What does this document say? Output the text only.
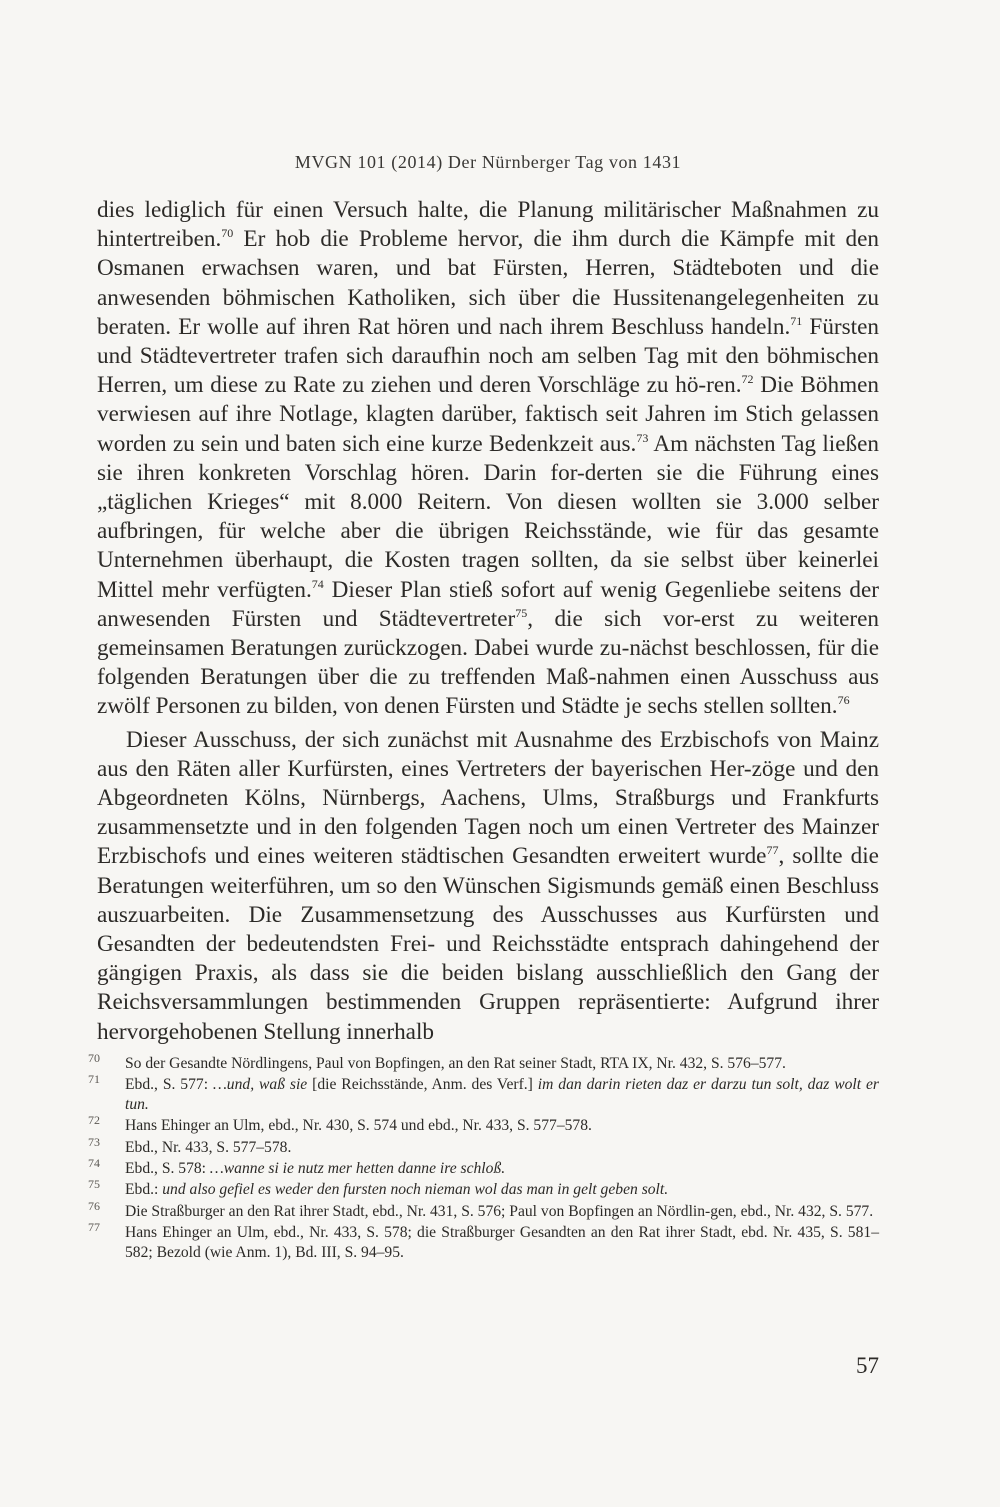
MVGN 101 (2014) Der Nürnberger Tag von 1431

dies lediglich für einen Versuch halte, die Planung militärischer Maßnahmen zu hintertreiben.$^{70}$ Er hob die Probleme hervor, die ihm durch die Kämpfe mit den Osmanen erwachsen waren, und bat Fürsten, Herren, Städteboten und die anwesenden böhmischen Katholiken, sich über die Hussitenangelegenheiten zu beraten. Er wolle auf ihren Rat hören und nach ihrem Beschluss handeln.$^{71}$ Fürsten und Städtevertreter trafen sich daraufhin noch am selben Tag mit den böhmischen Herren, um diese zu Rate zu ziehen und deren Vorschläge zu hö-ren.$^{72}$ Die Böhmen verwiesen auf ihre Notlage, klagten darüber, faktisch seit Jahren im Stich gelassen worden zu sein und baten sich eine kurze Bedenkzeit aus.$^{73}$ Am nächsten Tag ließen sie ihren konkreten Vorschlag hören. Darin for-derten sie die Führung eines „täglichen Krieges“ mit 8.000 Reitern. Von diesen wollten sie 3.000 selber aufbringen, für welche aber die übrigen Reichsstände, wie für das gesamte Unternehmen überhaupt, die Kosten tragen sollten, da sie selbst über keinerlei Mittel mehr verfügten.$^{74}$ Dieser Plan stieß sofort auf wenig Gegenliebe seitens der anwesenden Fürsten und Städtevertreter$^{75}$, die sich vor-erst zu weiteren gemeinsamen Beratungen zurückzogen. Dabei wurde zu-nächst beschlossen, für die folgenden Beratungen über die zu treffenden Maß-nahmen einen Ausschuss aus zwölf Personen zu bilden, von denen Fürsten und Städte je sechs stellen sollten.$^{76}$

Dieser Ausschuss, der sich zunächst mit Ausnahme des Erzbischofs von Mainz aus den Räten aller Kurfürsten, eines Vertreters der bayerischen Her-zöge und den Abgeordneten Kölns, Nürnbergs, Aachens, Ulms, Straßburgs und Frankfurts zusammensetzte und in den folgenden Tagen noch um einen Vertreter des Mainzer Erzbischofs und eines weiteren städtischen Gesandten erweitert wurde$^{77}$, sollte die Beratungen weiterführen, um so den Wünschen Sigismunds gemäß einen Beschluss auszuarbeiten. Die Zusammensetzung des Ausschusses aus Kurfürsten und Gesandten der bedeutendsten Frei- und Reichsstädte entsprach dahingehend der gängigen Praxis, als dass sie die beiden bislang ausschließlich den Gang der Reichsversammlungen bestimmenden Gruppen repräsentierte: Aufgrund ihrer hervorgehobenen Stellung innerhalb

70 So der Gesandte Nördlingens, Paul von Bopfingen, an den Rat seiner Stadt, RTA IX, Nr. 432, S. 576–577.
71 Ebd., S. 577: …und, waß sie [die Reichsstände, Anm. des Verf.] im dan darin rieten daz er darzu tun solt, daz wolt er tun.
72 Hans Ehinger an Ulm, ebd., Nr. 430, S. 574 und ebd., Nr. 433, S. 577–578.
73 Ebd., Nr. 433, S. 577–578.
74 Ebd., S. 578: …wanne si ie nutz mer hetten danne ire schloß.
75 Ebd.: und also gefiel es weder den fursten noch nieman wol das man in gelt geben solt.
76 Die Straßburger an den Rat ihrer Stadt, ebd., Nr. 431, S. 576; Paul von Bopfingen an Nördlin-gen, ebd., Nr. 432, S. 577.
77 Hans Ehinger an Ulm, ebd., Nr. 433, S. 578; die Straßburger Gesandten an den Rat ihrer Stadt, ebd. Nr. 435, S. 581–582; Bezold (wie Anm. 1), Bd. III, S. 94–95.
57
